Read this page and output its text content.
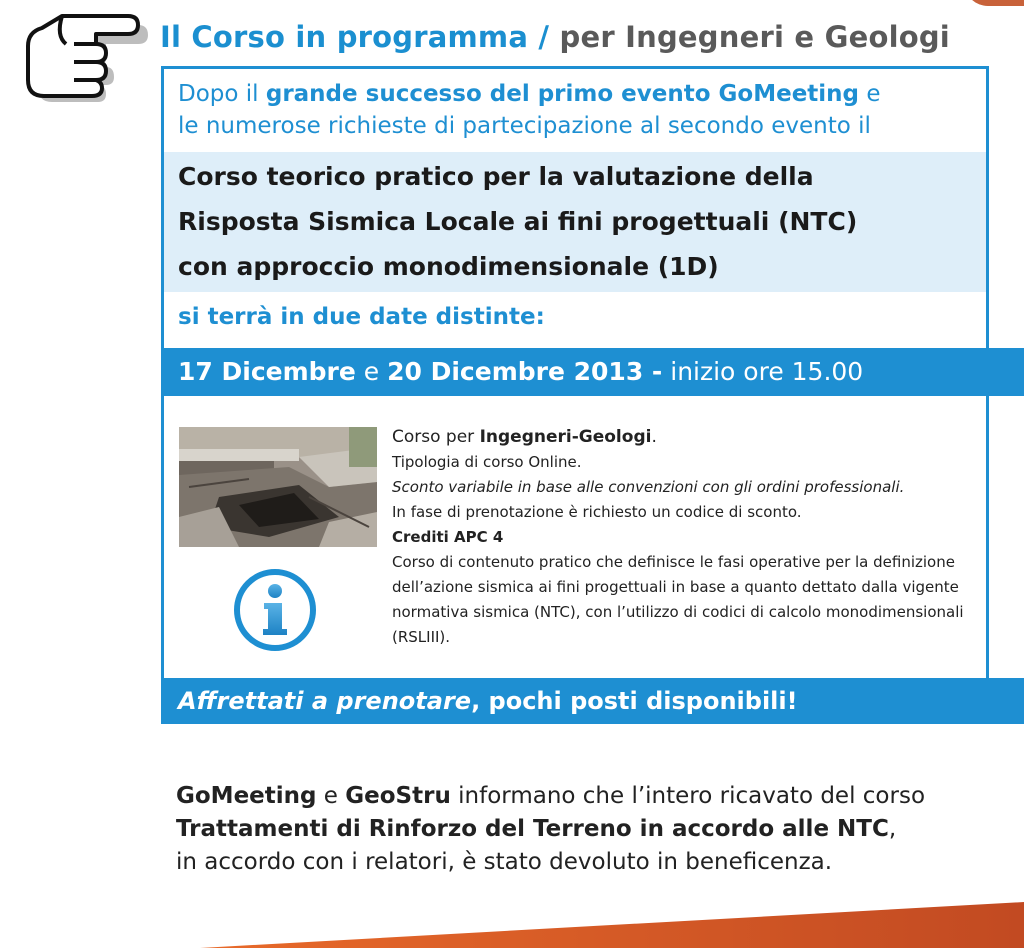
Il Corso in programma / per Ingegneri e Geologi
Dopo il grande successo del primo evento GoMeeting e
le numerose richieste di partecipazione al secondo evento il
Corso teorico pratico per la valutazione della
Risposta Sismica Locale ai fini progettuali (NTC)
con approccio monodimensionale (1D)
si terrà in due date distinte:
17 Dicembre e 20 Dicembre 2013 - inizio ore 15.00
Corso per Ingegneri-Geologi.
Tipologia di corso Online.
Sconto variabile in base alle convenzioni con gli ordini professionali.
In fase di prenotazione è richiesto un codice di sconto.
Crediti APC 4
Corso di contenuto pratico che definisce le fasi operative per la definizione dell’azione sismica ai fini progettuali in base a quanto dettato dalla vigente normativa sismica (NTC), con l’utilizzo di codici di calcolo monodimensionali (RSLIII).
Affrettati a prenotare, pochi posti disponibili!
GoMeeting e GeoStru informano che l’intero ricavato del corso
Trattamenti di Rinforzo del Terreno in accordo alle NTC,
in accordo con i relatori, è stato devoluto in beneficenza.
